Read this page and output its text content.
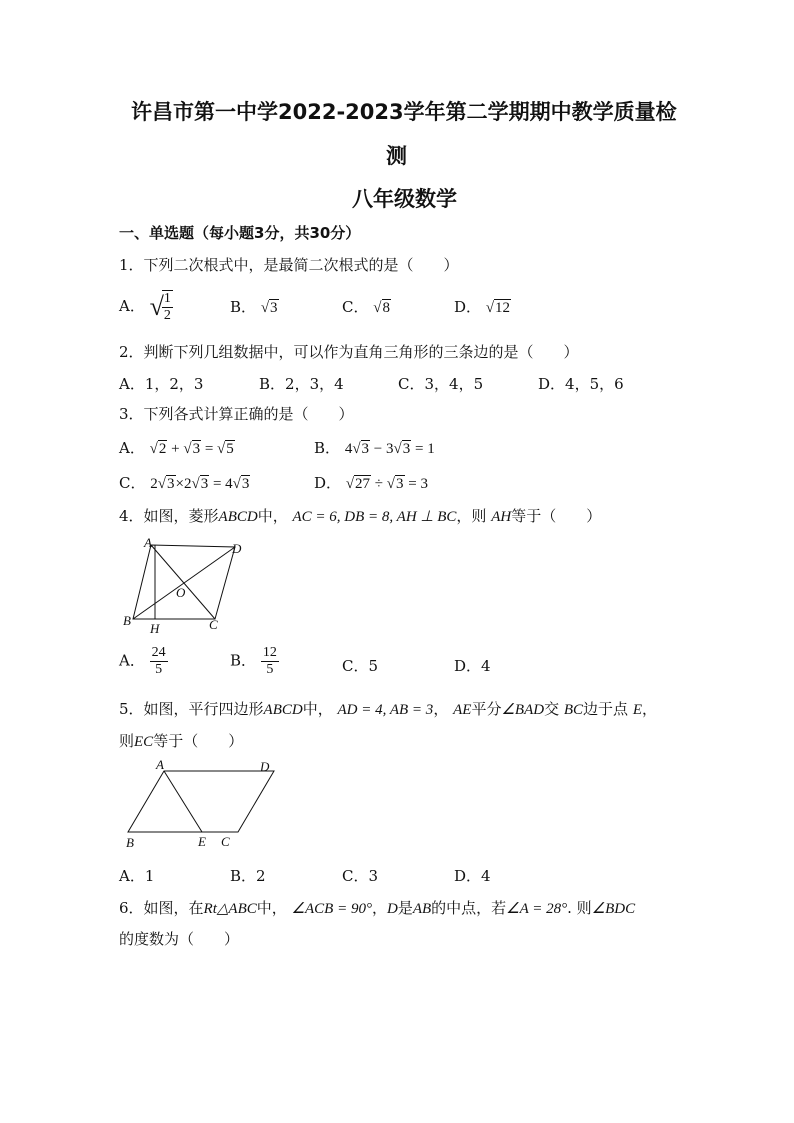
许昌市第一中学2022-2023学年第二学期期中教学质量检
测
八年级数学
一、单选题（每小题3分，共30分）
1．下列二次根式中，是最简二次根式的是（　　）
A． √
$\frac{1}{2}$	B． √3	C． √8	D． √12
2．判断下列几组数据中，可以作为直角三角形的三条边的是（　　）
A．1，2，3	B．2，3，4	C．3，4，5	D．4，5，6
3．下列各式计算正确的是（　　）
A． √2 + √3 = √5	B． 4√3 − 3√3 = 1
C． 2√3×2√3 = 4√3	D． √27 ÷ √3 = 3
4．如图，菱形ABCD中， AC = 6, DB = 8, AH ⊥ BC，则 AH等于（　　）
A	D
O
B
H	C
A． $\frac{24}{5}$	B． $\frac{12}{5}$	C．5	D．4
5．如图，平行四边形ABCD中， AD = 4, AB = 3， AE平分∠BAD交 BC边于点 E，
则EC等于（　　）
A	D
B	E C
A．1	B．2	C．3	D．4
6．如图，在Rt△ABC中， ∠ACB = 90°，D是AB的中点，若∠A = 28°. 则∠BDC
的度数为（　　）
